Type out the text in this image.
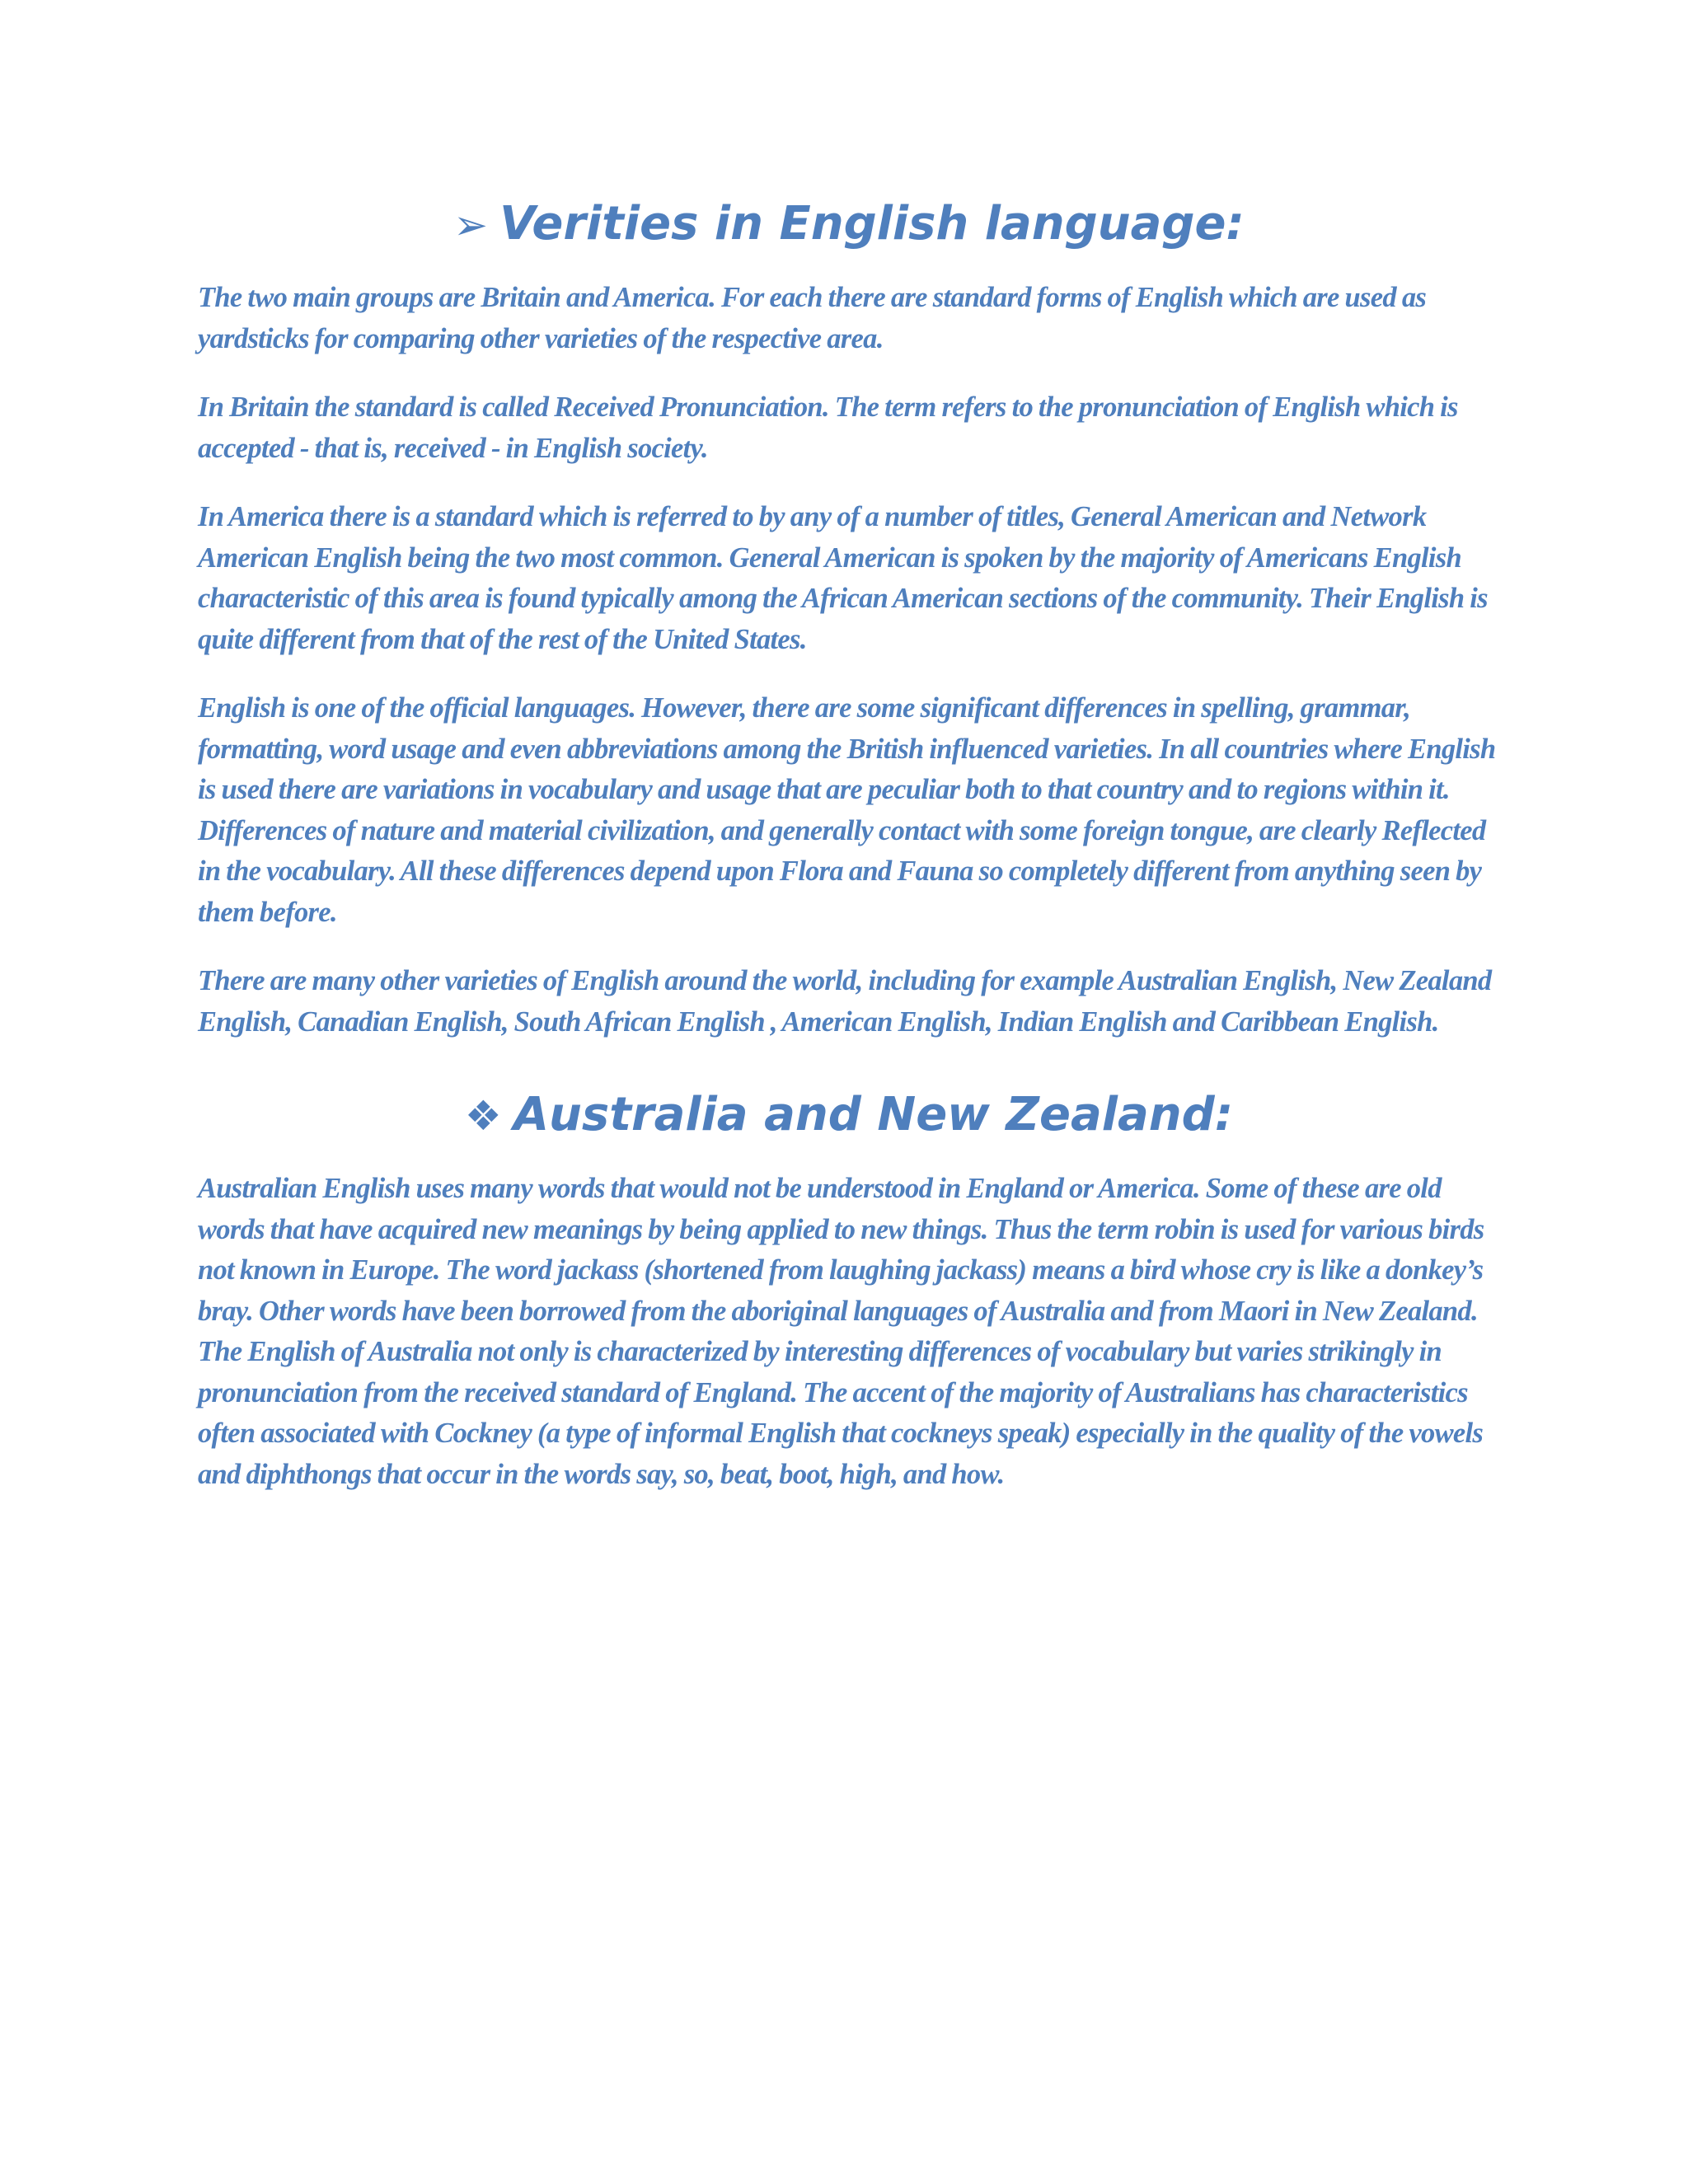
➢ Verities in English language:

The two main groups are Britain and America. For each there are standard forms of English which are used as yardsticks for comparing other varieties of the respective area.

In Britain the standard is called Received Pronunciation. The term refers to the pronunciation of English which is accepted - that is, received - in English society.

In America there is a standard which is referred to by any of a number of titles, General American and Network American English being the two most common. General American is spoken by the majority of Americans English characteristic of this area is found typically among the African American sections of the community. Their English is quite different from that of the rest of the United States.

English is one of the official languages. However, there are some significant differences in spelling, grammar, formatting, word usage and even abbreviations among the British influenced varieties. In all countries where English is used there are variations in vocabulary and usage that are peculiar both to that country and to regions within it. Differences of nature and material civilization, and generally contact with some foreign tongue, are clearly Reflected in the vocabulary. All these differences depend upon Flora and Fauna so completely different from anything seen by them before.

There are many other varieties of English around the world, including for example Australian English, New Zealand English, Canadian English, South African English , American English, Indian English and Caribbean English.

❖ Australia and New Zealand:

Australian English uses many words that would not be understood in England or America. Some of these are old words that have acquired new meanings by being applied to new things. Thus the term robin is used for various birds not known in Europe. The word jackass (shortened from laughing jackass) means a bird whose cry is like a donkey’s bray. Other words have been borrowed from the aboriginal languages of Australia and from Maori in New Zealand. The English of Australia not only is characterized by interesting differences of vocabulary but varies strikingly in pronunciation from the received standard of England. The accent of the majority of Australians has characteristics often associated with Cockney (a type of informal English that cockneys speak) especially in the quality of the vowels and diphthongs that occur in the words say, so, beat, boot, high, and how.
